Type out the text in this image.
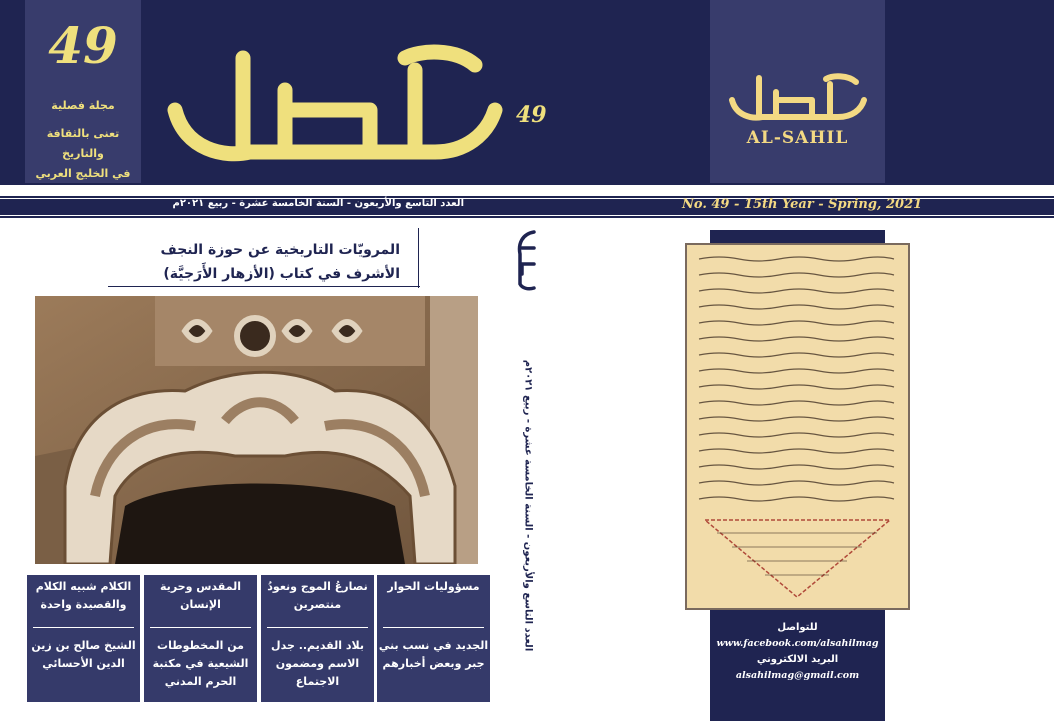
49
مجلة فصلية
تعنى بالثقافة والتاريخ
في الخليج العربي
49
AL-SAHIL
العدد التاسع والأربعون - السنة الخامسة عشرة - ربيع ٢٠٢١م	No. 49 - 15th Year - Spring, 2021
المرويّات التاريخية عن حوزة النجف
الأشرف في كتاب (الأزهار الأَرَجيَّة)
العدد التاسع والأربعون - السنة الخامسة عشرة - ربيع ٢٠٢١م
مسؤوليات الحوار
الجديد في نسب بني جبر وبعض أخبارهم
نصارعُ الموج ونعودُ منتصرين
بلاد القديم.. جدل الاسم ومضمون الاجتماع
المقدس وحرية الإنسان
من المخطوطات الشيعية في مكتبة الحرم المدني
الكلام شبيه الكلام والقصيدة واحدة
الشيخ صالح بن زين الدين الأحسائي
للتواصل
www.facebook.com/alsahilmag
البريد الالكتروني
alsahilmag@gmail.com
